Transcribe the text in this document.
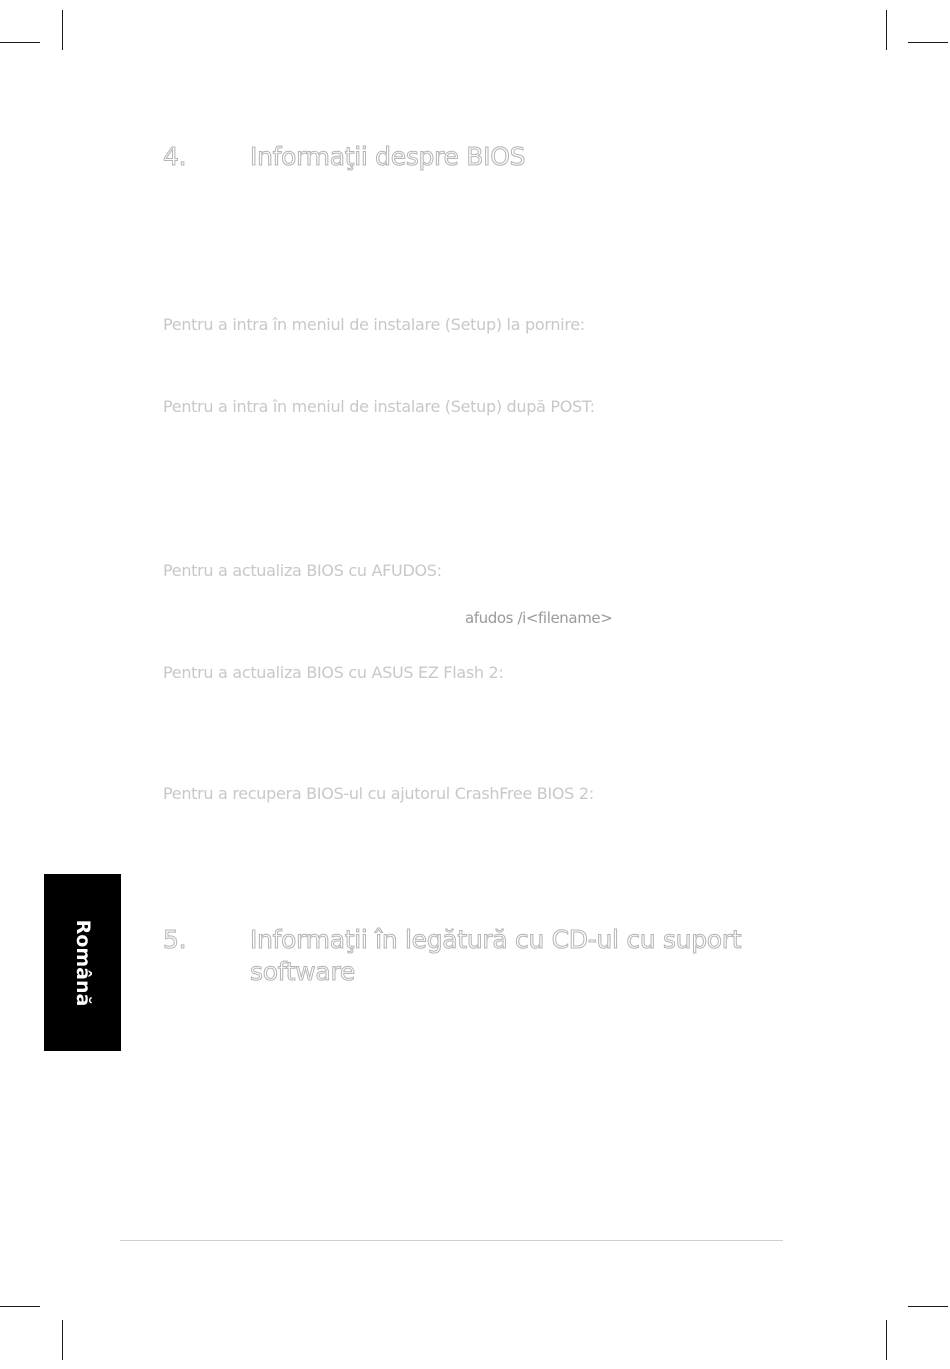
4.	Informaţii despre BIOS
Pentru a intra în meniul de instalare (Setup) la pornire:
Pentru a intra în meniul de instalare (Setup) după POST:
Pentru a actualiza BIOS cu AFUDOS:
afudos /i<filename>
Pentru a actualiza BIOS cu ASUS EZ Flash 2:
Pentru a recupera BIOS-ul cu ajutorul CrashFree BIOS 2:
5.	Informaţii în legătură cu CD-ul cu suport
software
Română
